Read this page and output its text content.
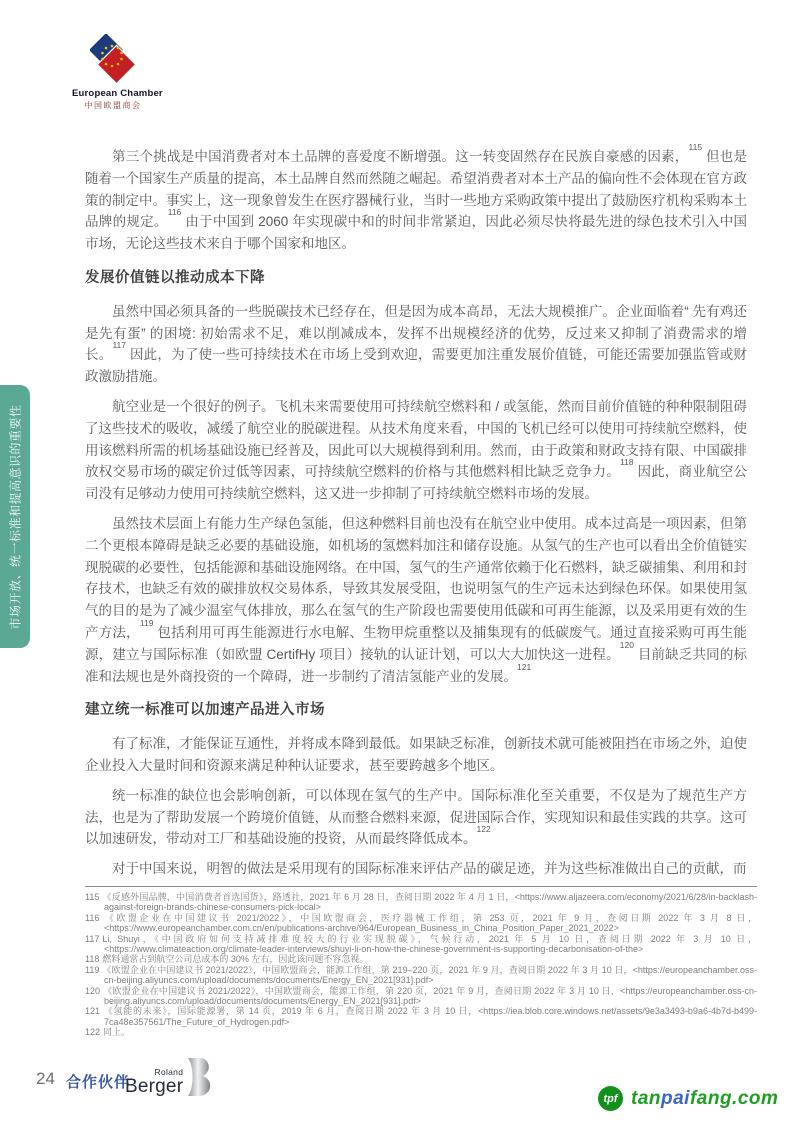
European Chamber
中国欧盟商会
市场开放、统一标准和提高意识的重要性

第三个挑战是中国消费者对本土品牌的喜爱度不断增强。这一转变固然存在民族自豪感的因素，$^{115}$ 但也是随着一个国家生产质量的提高，本土品牌自然而然随之崛起。希望消费者对本土产品的偏向性不会体现在官方政策的制定中。事实上，这一现象曾发生在医疗器械行业，当时一些地方采购政策中提出了鼓励医疗机构采购本土品牌的规定。$^{116}$ 由于中国到 2060 年实现碳中和的时间非常紧迫，因此必须尽快将最先进的绿色技术引入中国市场，无论这些技术来自于哪个国家和地区。

发展价值链以推动成本下降

虽然中国必须具备的一些脱碳技术已经存在，但是因为成本高昂，无法大规模推广。企业面临着“ 先有鸡还是先有蛋” 的困境: 初始需求不足，难以削减成本，发挥不出规模经济的优势，反过来又抑制了消费需求的增长。$^{117}$ 因此，为了使一些可持续技术在市场上受到欢迎，需要更加注重发展价值链，可能还需要加强监管或财政激励措施。

航空业是一个很好的例子。飞机未来需要使用可持续航空燃料和 / 或氢能，然而目前价值链的种种限制阻碍了这些技术的吸收，减缓了航空业的脱碳进程。从技术角度来看，中国的飞机已经可以使用可持续航空燃料，使用该燃料所需的机场基础设施已经普及，因此可以大规模得到利用。然而，由于政策和财政支持有限、中国碳排放权交易市场的碳定价过低等因素，可持续航空燃料的价格与其他燃料相比缺乏竞争力。$^{118}$ 因此，商业航空公司没有足够动力使用可持续航空燃料，这又进一步抑制了可持续航空燃料市场的发展。

虽然技术层面上有能力生产绿色氢能，但这种燃料目前也没有在航空业中使用。成本过高是一项因素，但第二个更根本障碍是缺乏必要的基础设施，如机场的氢燃料加注和储存设施。从氢气的生产也可以看出全价值链实现脱碳的必要性，包括能源和基础设施网络。在中国，氢气的生产通常依赖于化石燃料，缺乏碳捕集、利用和封存技术，也缺乏有效的碳排放权交易体系，导致其发展受阻，也说明氢气的生产远未达到绿色环保。如果使用氢气的目的是为了减少温室气体排放，那么在氢气的生产阶段也需要使用低碳和可再生能源，以及采用更有效的生产方法，$^{119}$ 包括利用可再生能源进行水电解、生物甲烷重整以及捕集现有的低碳废气。通过直接采购可再生能源，建立与国际标准（如欧盟 CertifHy 项目）接轨的认证计划，可以大大加快这一进程。$^{120}$ 目前缺乏共同的标准和法规也是外商投资的一个障碍，进一步制约了清洁氢能产业的发展。$^{121}$

建立统一标准可以加速产品进入市场

有了标准，才能保证互通性，并将成本降到最低。如果缺乏标准，创新技术就可能被阻挡在市场之外，迫使企业投入大量时间和资源来满足种种认证要求，甚至要跨越多个地区。

统一标准的缺位也会影响创新，可以体现在氢气的生产中。国际标准化至关重要，不仅是为了规范生产方法，也是为了帮助发展一个跨境价值链，从而整合燃料来源，促进国际合作，实现知识和最佳实践的共享。这可以加速研发，带动对工厂和基础设施的投资，从而最终降低成本。$^{122}$

对于中国来说，明智的做法是采用现有的国际标准来评估产品的碳足迹，并为这些标准做出自己的贡献，而

115 《反感外国品牌，中国消费者首选国货》，路透社，2021 年 6 月 28 日，查阅日期 2022 年 4 月 1 日，<https://www.aljazeera.com/economy/2021/6/28/in-backlash-against-foreign-brands-chinese-consumers-pick-local>

116 《欧盟企业在中国建议书 2021/2022》，中国欧盟商会，医疗器械工作组，第 253 页，2021 年 9 月，查阅日期 2022 年 3 月 8 日，<https://www.europeanchamber.com.cn/en/publications-archive/964/European_Business_in_China_Position_Paper_2021_2022>

117 Li, Shuyi，《中国政府如何支持减排难度较大的行业实现脱碳》，气候行动，2021 年 5 月 10 日，查阅日期 2022 年 3 月 10 日，<https://www.climateaction.org/climate-leader-interviews/shuyi-li-on-how-the-chinese-government-is-supporting-decarbonisation-of-the>

118 燃料通常占到航空公司总成本的 30% 左右，因此该问题不容忽视。

119 《欧盟企业在中国建议书 2021/2022》，中国欧盟商会，能源工作组，第 219–220 页，2021 年 9 月，查阅日期 2022 年 3 月 10 日，<https://europeanchamber.oss-cn-beijing.aliyuncs.com/upload/documents/documents/Energy_EN_2021[931].pdf>

120 《欧盟企业在中国建议书 2021/2022》，中国欧盟商会，能源工作组，第 220 页，2021 年 9 月，查阅日期 2022 年 3 月 10 日，<https://europeanchamber.oss-cn-beijing.aliyuncs.com/upload/documents/documents/Energy_EN_2021[931].pdf>

121 《氢能的未来》，国际能源署，第 14 页，2019 年 6 月，查阅日期 2022 年 3 月 10 日，<https://iea.blob.core.windows.net/assets/9e3a3493-b9a6-4b7d-b499-7ca48e357561/The_Future_of_Hydrogen.pdf>

122 同上。

24 合作伙伴
Roland
Berger
tpf tanpaifang.com
